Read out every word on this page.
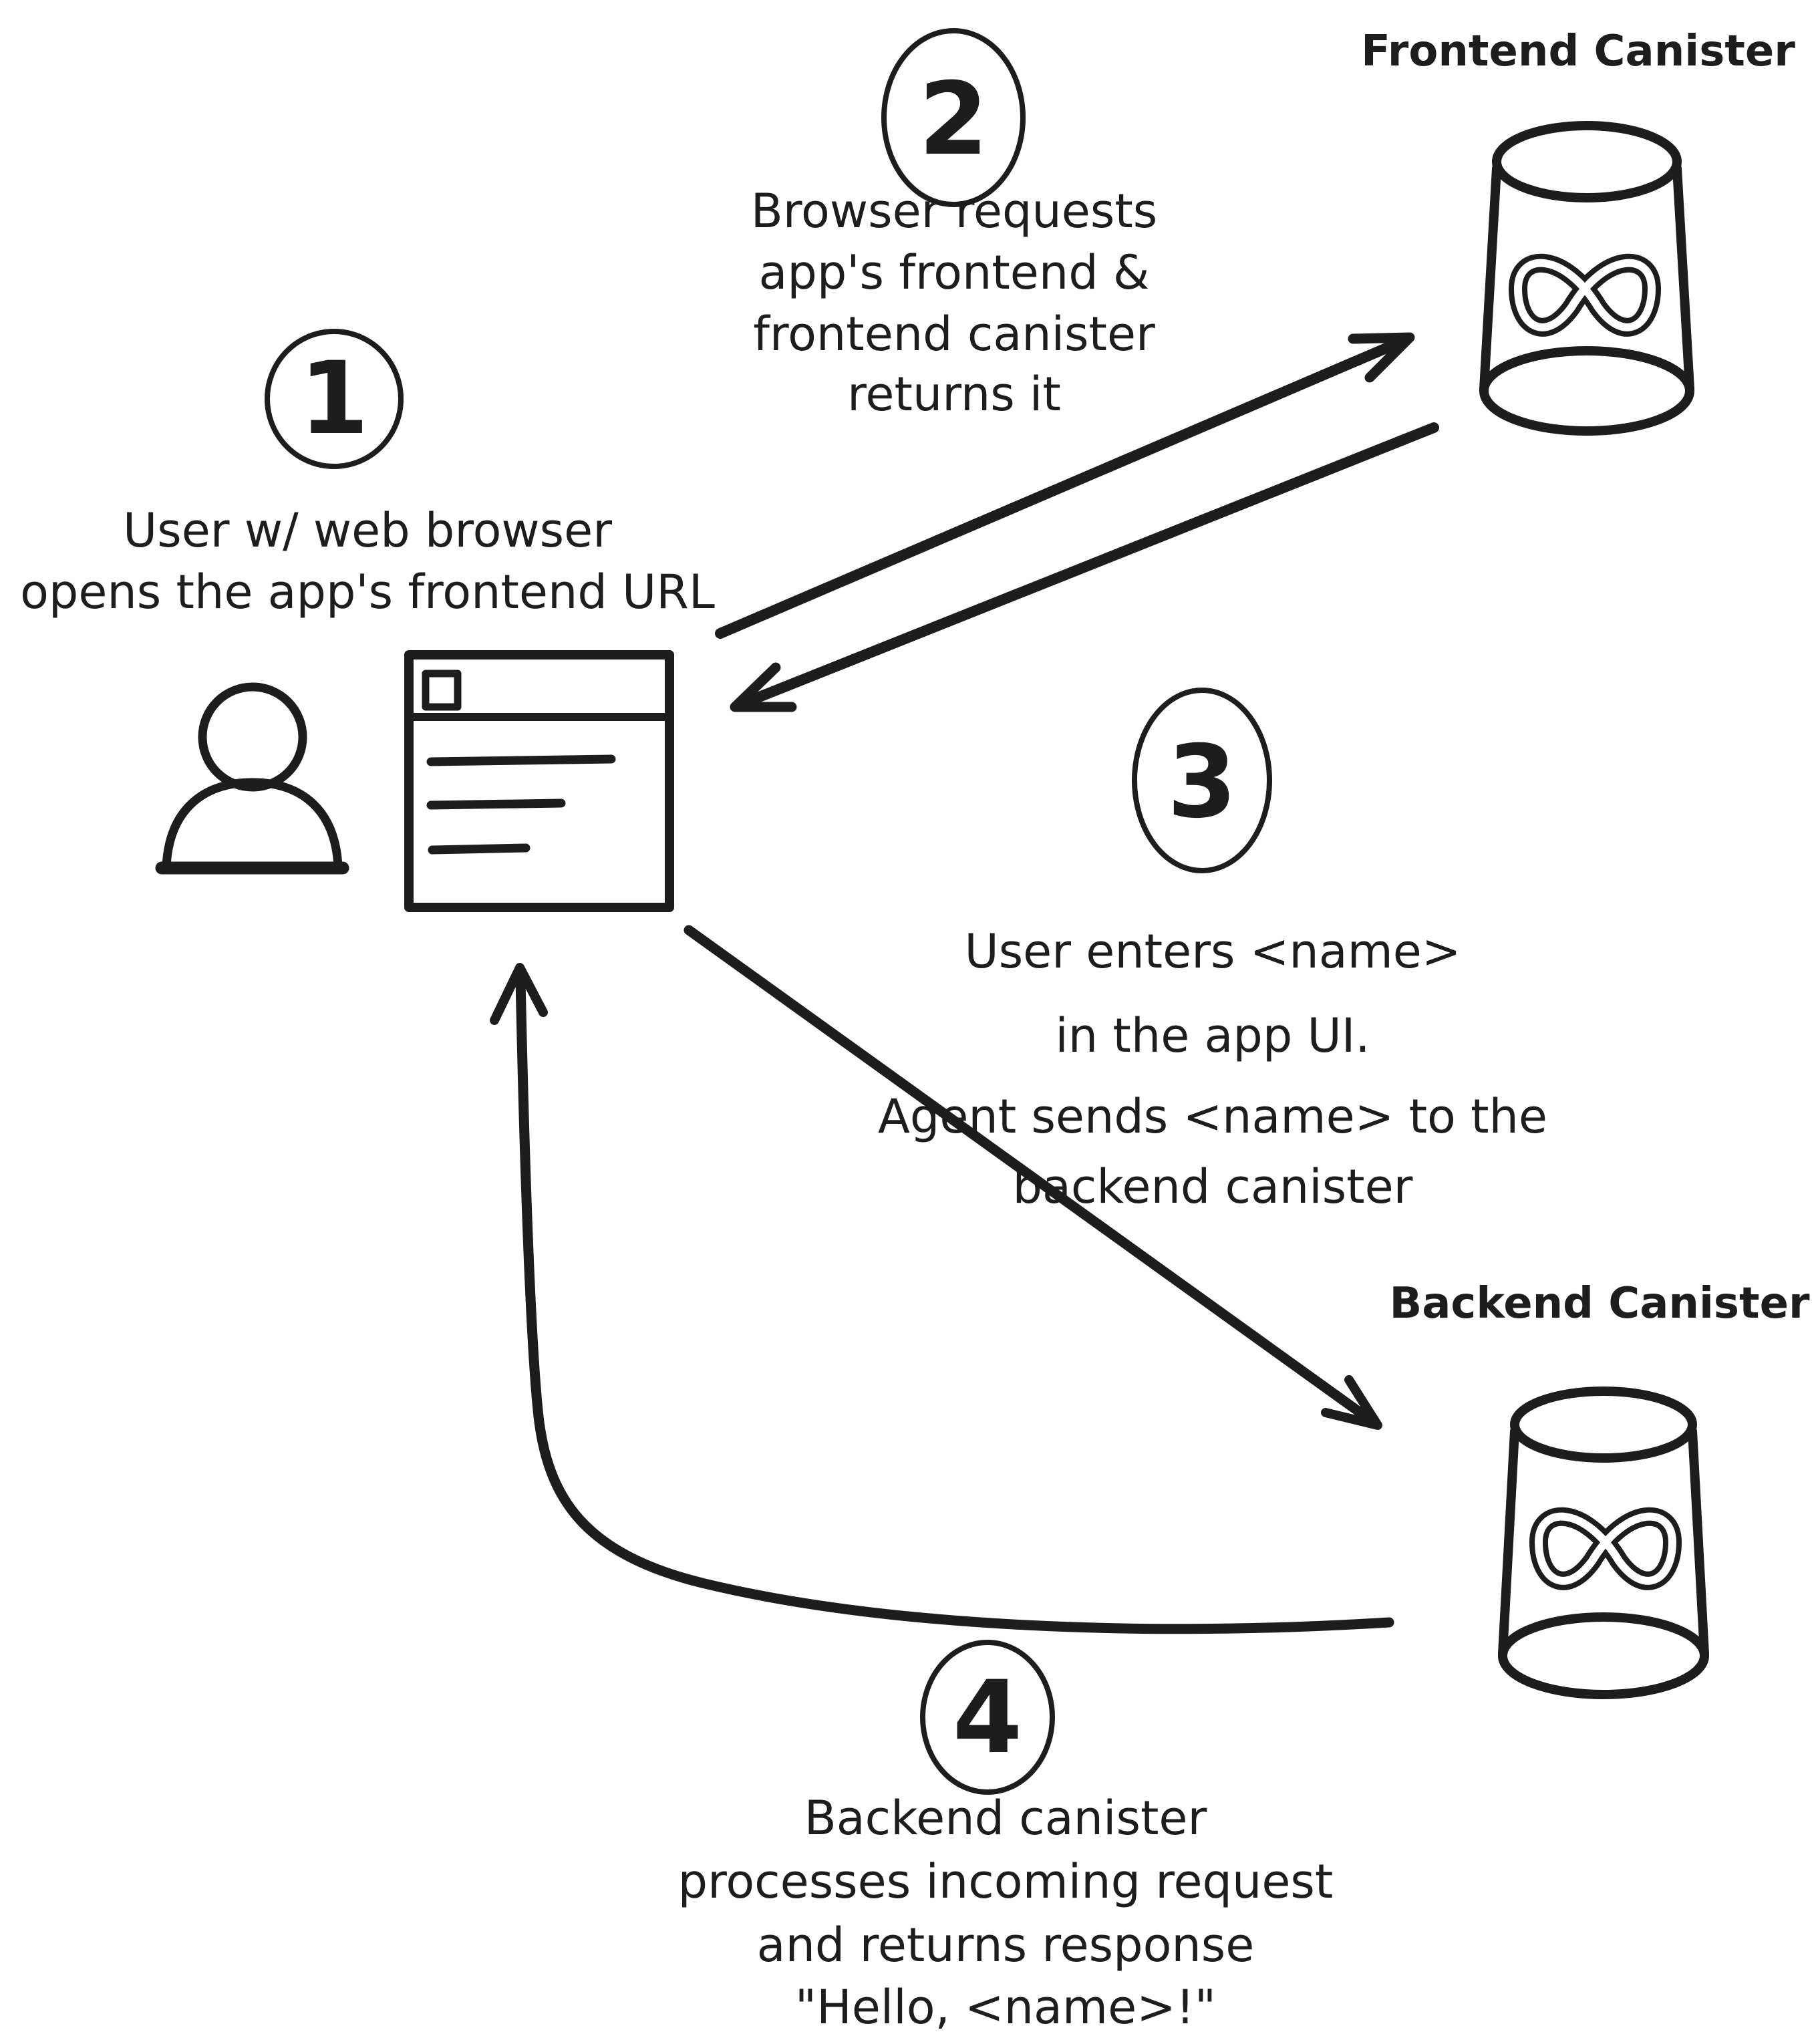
Frontend Canister
Backend Canister
1
User w/ web browser
opens the app's frontend URL
2
Browser requests
app's frontend &
frontend canister
returns it
3
User enters <name>
in the app UI.
Agent sends <name> to the
backend canister
4
Backend canister
processes incoming request
and returns response
"Hello, <name>!"
